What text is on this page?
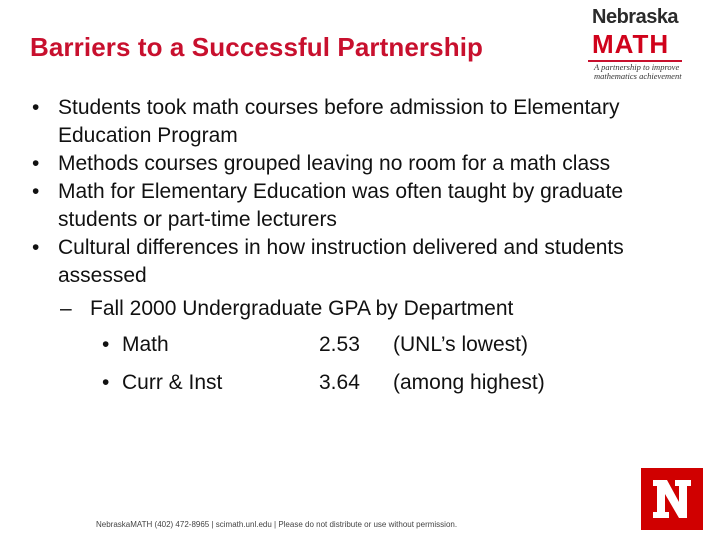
Barriers to a Successful Partnership
Nebraska
MATH
A partnership to improve
mathematics achievement
• Students took math courses before admission to Elementary Education Program
• Methods courses grouped leaving no room for a math class
• Math for Elementary Education was often taught by graduate students or part-time lecturers
• Cultural differences in how instruction delivered and students assessed
– Fall 2000 Undergraduate GPA by Department
• Math	2.53 (UNL’s lowest)
• Curr & Inst	3.64 (among highest)
NebraskaMATH (402) 472-8965 | scimath.unl.edu | Please do not distribute or use without permission.
